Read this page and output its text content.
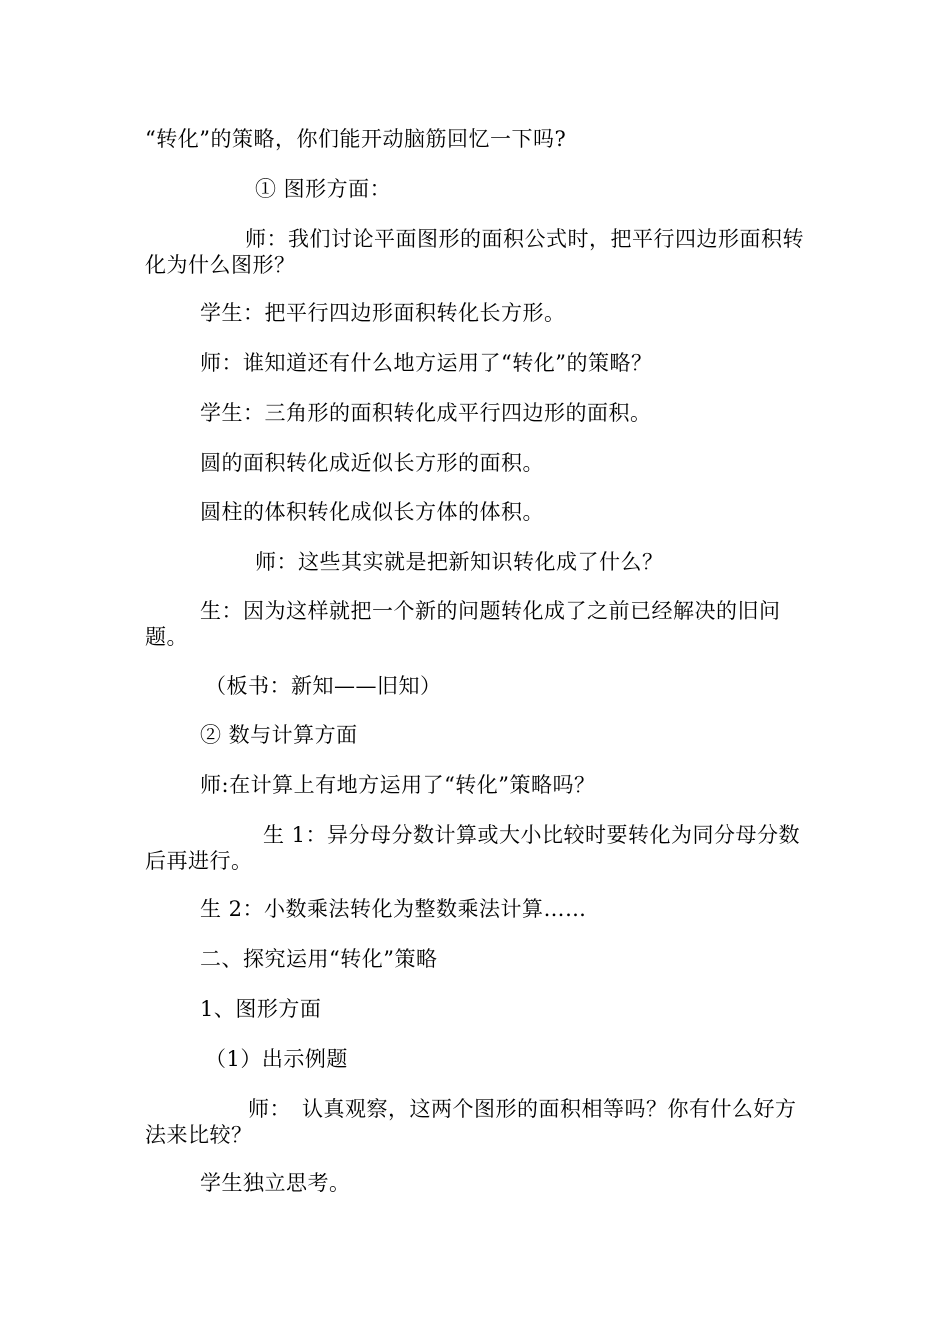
“转化”的策略，你们能开动脑筋回忆一下吗?
① 图形方面：
师：我们讨论平面图形的面积公式时，把平行四边形面积转化为什么图形？
学生：把平行四边形面积转化长方形。
师：谁知道还有什么地方运用了“转化”的策略？
学生：三角形的面积转化成平行四边形的面积。
圆的面积转化成近似长方形的面积。
圆柱的体积转化成似长方体的体积。
师：这些其实就是把新知识转化成了什么？
生：因为这样就把一个新的问题转化成了之前已经解决的旧问题。
（板书：新知——旧知）
② 数与计算方面
师:在计算上有地方运用了“转化”策略吗？
生 1：异分母分数计算或大小比较时要转化为同分母分数后再进行。
生 2：小数乘法转化为整数乘法计算……
二、探究运用“转化”策略
1、图形方面
（1）出示例题
师：　认真观察，这两个图形的面积相等吗？你有什么好方法来比较？
学生独立思考。
